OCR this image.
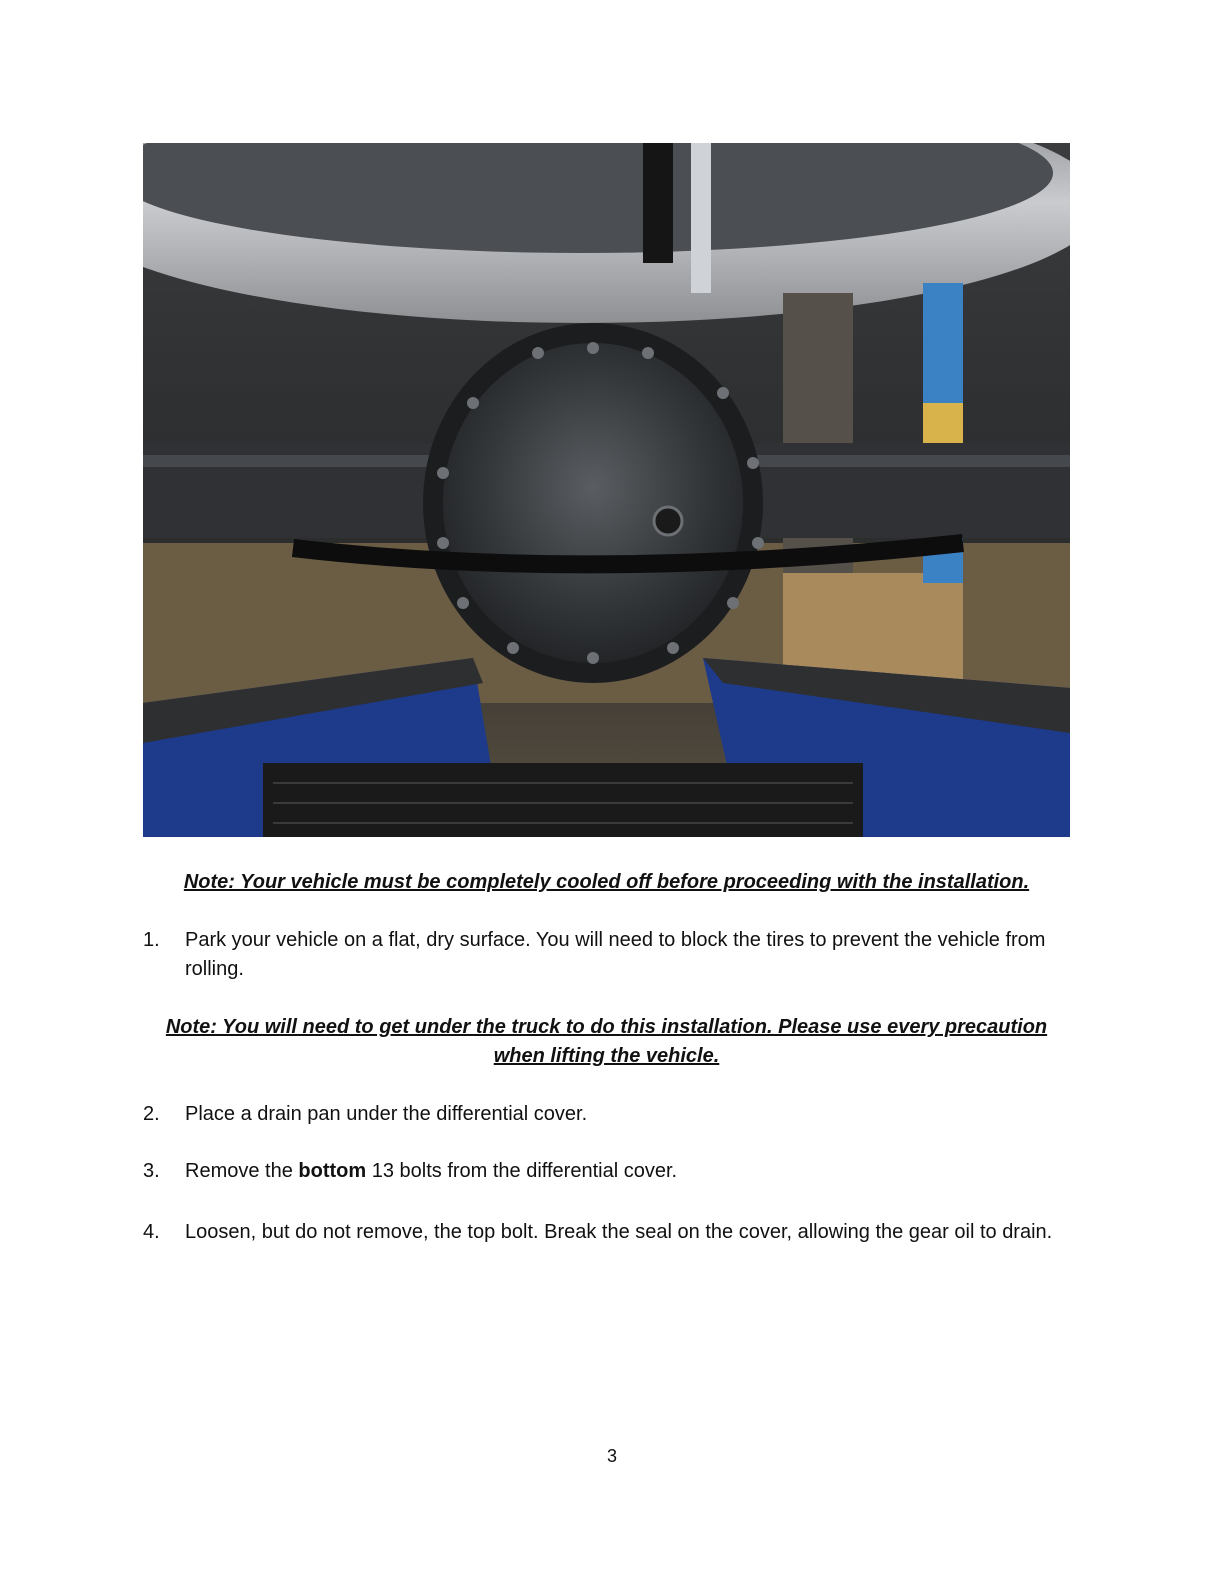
Note: Your vehicle must be completely cooled off before proceeding with the installation.
1. Park your vehicle on a flat, dry surface. You will need to block the tires to prevent the vehicle from rolling.
Note: You will need to get under the truck to do this installation. Please use every precaution when lifting the vehicle.
2. Place a drain pan under the differential cover.
3. Remove the bottom 13 bolts from the differential cover.
4. Loosen, but do not remove, the top bolt. Break the seal on the cover, allowing the gear oil to drain.
3
